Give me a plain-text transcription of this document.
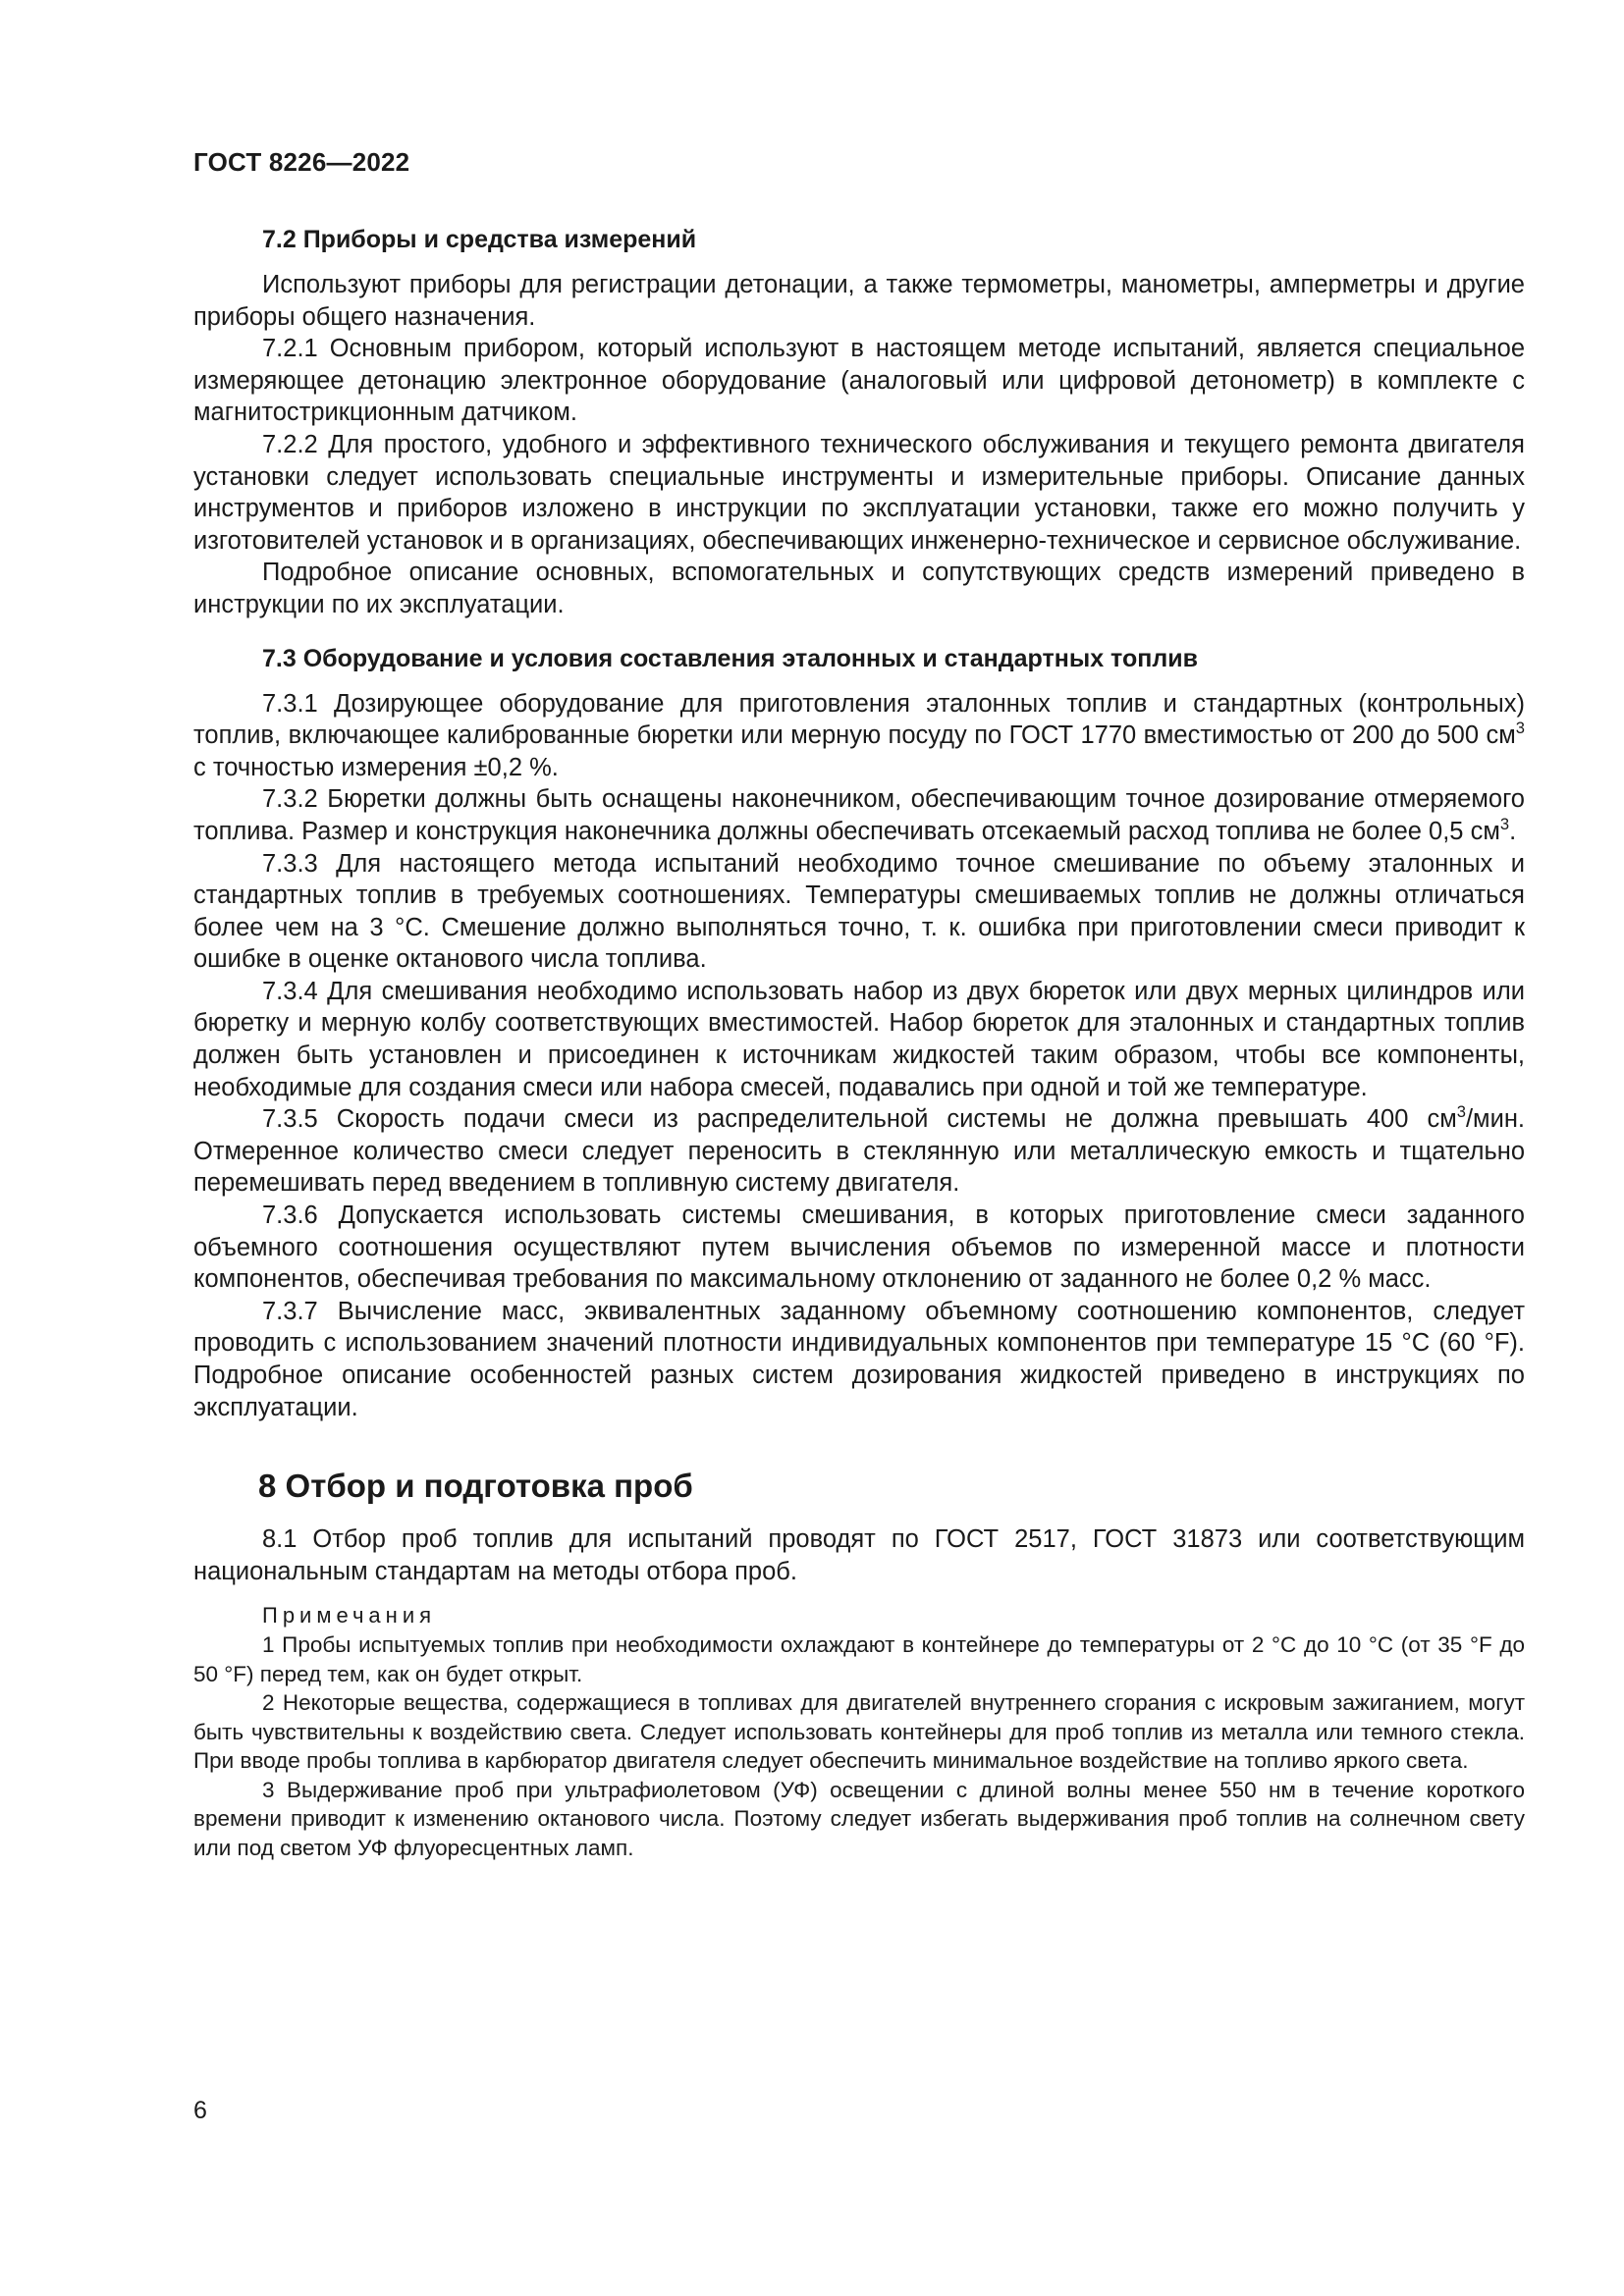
ГОСТ 8226—2022
7.2 Приборы и средства измерений

Используют приборы для регистрации детонации, а также термометры, манометры, амперметры и другие приборы общего назначения.

7.2.1 Основным прибором, который используют в настоящем методе испытаний, является специальное измеряющее детонацию электронное оборудование (аналоговый или цифровой детонометр) в комплекте с магнитострикционным датчиком.

7.2.2 Для простого, удобного и эффективного технического обслуживания и текущего ремонта двигателя установки следует использовать специальные инструменты и измерительные приборы. Описание данных инструментов и приборов изложено в инструкции по эксплуатации установки, также его можно получить у изготовителей установок и в организациях, обеспечивающих инженерно-техническое и сервисное обслуживание.

Подробное описание основных, вспомогательных и сопутствующих средств измерений приведено в инструкции по их эксплуатации.

7.3 Оборудование и условия составления эталонных и стандартных топлив

7.3.1 Дозирующее оборудование для приготовления эталонных топлив и стандартных (контрольных) топлив, включающее калиброванные бюретки или мерную посуду по ГОСТ 1770 вместимостью от 200 до 500 $см^3$ с точностью измерения ±0,2 %.

7.3.2 Бюретки должны быть оснащены наконечником, обеспечивающим точное дозирование отмеряемого топлива. Размер и конструкция наконечника должны обеспечивать отсекаемый расход топлива не более 0,5 $см^3$.

7.3.3 Для настоящего метода испытаний необходимо точное смешивание по объему эталонных и стандартных топлив в требуемых соотношениях. Температуры смешиваемых топлив не должны отличаться более чем на 3 °С. Смешение должно выполняться точно, т. к. ошибка при приготовлении смеси приводит к ошибке в оценке октанового числа топлива.

7.3.4 Для смешивания необходимо использовать набор из двух бюреток или двух мерных цилиндров или бюретку и мерную колбу соответствующих вместимостей. Набор бюреток для эталонных и стандартных топлив должен быть установлен и присоединен к источникам жидкостей таким образом, чтобы все компоненты, необходимые для создания смеси или набора смесей, подавались при одной и той же температуре.

7.3.5 Скорость подачи смеси из распределительной системы не должна превышать 400 $см^3$/мин. Отмеренное количество смеси следует переносить в стеклянную или металлическую емкость и тщательно перемешивать перед введением в топливную систему двигателя.

7.3.6 Допускается использовать системы смешивания, в которых приготовление смеси заданного объемного соотношения осуществляют путем вычисления объемов по измеренной массе и плотности компонентов, обеспечивая требования по максимальному отклонению от заданного не более 0,2 % масс.

7.3.7 Вычисление масс, эквивалентных заданному объемному соотношению компонентов, следует проводить с использованием значений плотности индивидуальных компонентов при температуре 15 °С (60 °F). Подробное описание особенностей разных систем дозирования жидкостей приведено в инструкциях по эксплуатации.

8 Отбор и подготовка проб

8.1 Отбор проб топлив для испытаний проводят по ГОСТ 2517, ГОСТ 31873 или соответствующим национальным стандартам на методы отбора проб.

Примечания

1 Пробы испытуемых топлив при необходимости охлаждают в контейнере до температуры от 2 °С до 10 °С (от 35 °F до 50 °F) перед тем, как он будет открыт.

2 Некоторые вещества, содержащиеся в топливах для двигателей внутреннего сгорания с искровым зажиганием, могут быть чувствительны к воздействию света. Следует использовать контейнеры для проб топлив из металла или темного стекла. При вводе пробы топлива в карбюратор двигателя следует обеспечить минимальное воздействие на топливо яркого света.

3 Выдерживание проб при ультрафиолетовом (УФ) освещении с длиной волны менее 550 нм в течение короткого времени приводит к изменению октанового числа. Поэтому следует избегать выдерживания проб топлив на солнечном свету или под светом УФ флуоресцентных ламп.

6
